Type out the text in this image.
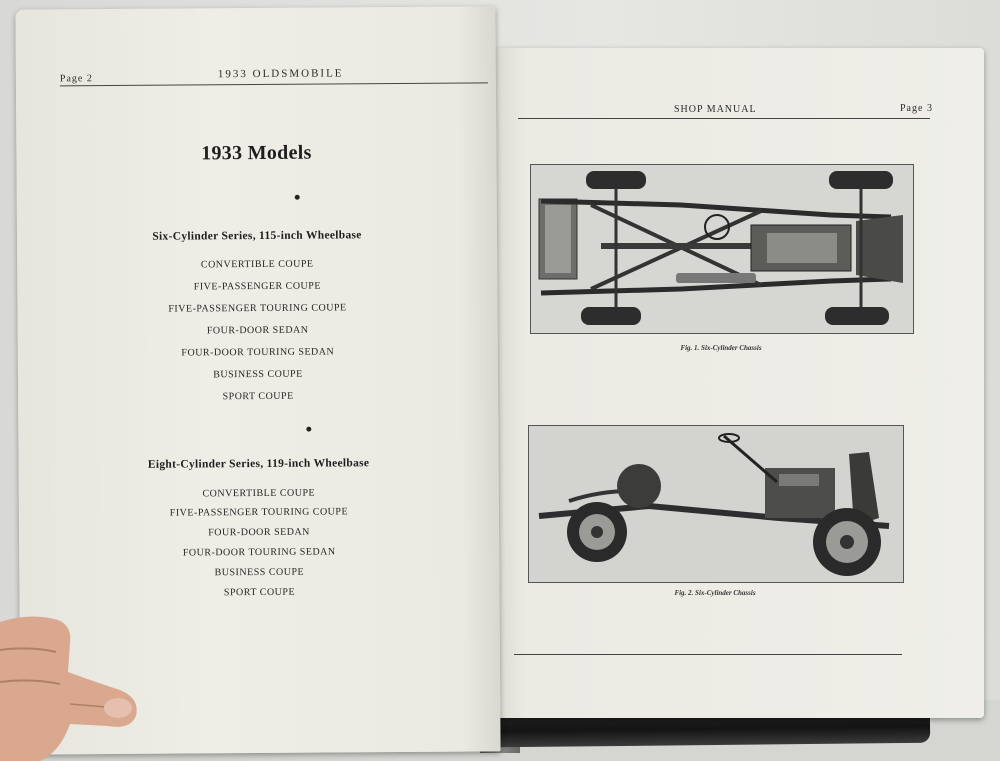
SHOP MANUAL	Page 3
Fig. 1. Six-Cylinder Chassis
Fig. 2. Six-Cylinder Chassis
Page 2	1933 OLDSMOBILE
1933 Models
Six-Cylinder Series, 115-inch Wheelbase
CONVERTIBLE COUPE
FIVE-PASSENGER COUPE
FIVE-PASSENGER TOURING COUPE
FOUR-DOOR SEDAN
FOUR-DOOR TOURING SEDAN
BUSINESS COUPE
SPORT COUPE
Eight-Cylinder Series, 119-inch Wheelbase
CONVERTIBLE COUPE
FIVE-PASSENGER TOURING COUPE
FOUR-DOOR SEDAN
FOUR-DOOR TOURING SEDAN
BUSINESS COUPE
SPORT COUPE
